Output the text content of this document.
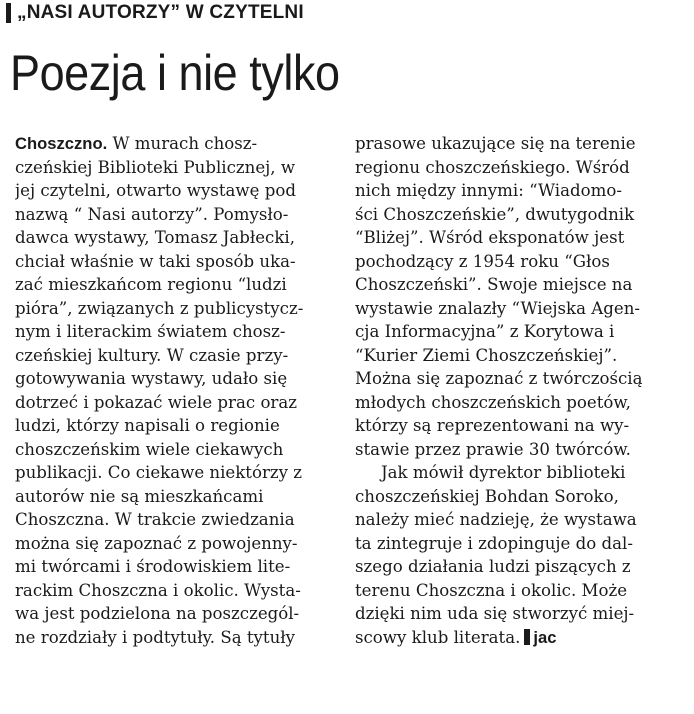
„NASI AUTORZY” W CZYTELNI
Poezja i nie tylko
Choszczno. W murach chosz-
czeńskiej Biblioteki Publicznej, w
jej czytelni, otwarto wystawę pod
nazwą “ Nasi autorzy”. Pomysło-
dawca wystawy, Tomasz Jabłecki,
chciał właśnie w taki sposób uka-
zać mieszkańcom regionu “ludzi
pióra”, związanych z publicystycz-
nym i literackim światem chosz-
czeńskiej kultury. W czasie przy-
gotowywania wystawy, udało się
dotrzeć i pokazać wiele prac oraz
ludzi, którzy napisali o regionie
choszczeńskim wiele ciekawych
publikacji. Co ciekawe niektórzy z
autorów nie są mieszkańcami
Choszczna. W trakcie zwiedzania
można się zapoznać z powojenny-
mi twórcami i środowiskiem lite-
rackim Choszczna i okolic. Wysta-
wa jest podzielona na poszczegól-
ne rozdziały i podtytuły. Są tytuły
prasowe ukazujące się na terenie
regionu choszczeńskiego. Wśród
nich między innymi: “Wiadomo-
ści Choszczeńskie”, dwutygodnik
“Bliżej”. Wśród eksponatów jest
pochodzący z 1954 roku “Głos
Choszczeński”. Swoje miejsce na
wystawie znalazły “Wiejska Agen-
cja Informacyjna” z Korytowa i
“Kurier Ziemi Choszczeńskiej”.
Można się zapoznać z twórczością
młodych choszczeńskich poetów,
którzy są reprezentowani na wy-
stawie przez prawie 30 twórców.
Jak mówił dyrektor biblioteki
choszczeńskiej Bohdan Soroko,
należy mieć nadzieję, że wystawa
ta zintegruje i zdopinguje do dal-
szego działania ludzi piszących z
terenu Choszczna i okolic. Może
dzięki nim uda się stworzyć miej-
scowy klub literata. jac
